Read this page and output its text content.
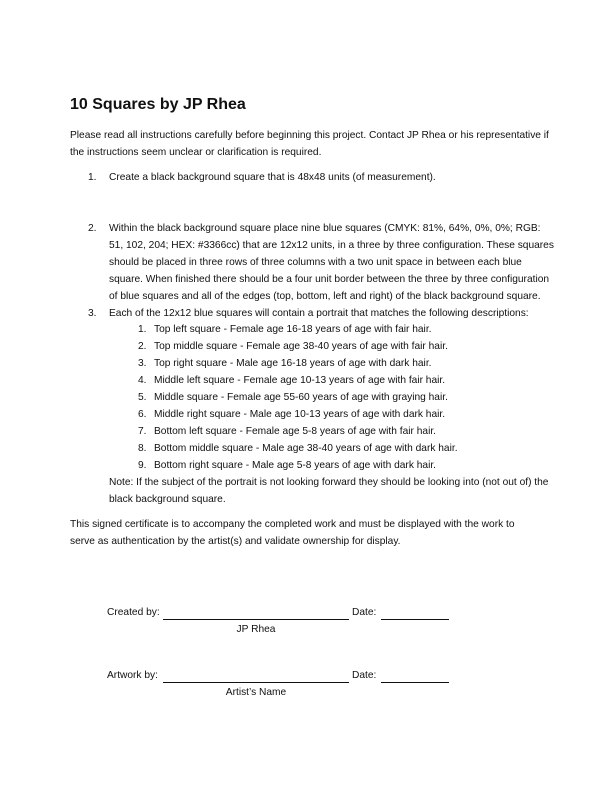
10 Squares by JP Rhea

Please read all instructions carefully before beginning this project. Contact JP Rhea or his representative if the instructions seem unclear or clarification is required.

1. Create a black background square that is 48x48 units (of measurement).
2. Within the black background square place nine blue squares (CMYK: 81%, 64%, 0%, 0%; RGB: 51, 102, 204; HEX: #3366cc) that are 12x12 units, in a three by three configuration. These squares should be placed in three rows of three columns with a two unit space in between each blue square. When finished there should be a four unit border between the three by three configuration of blue squares and all of the edges (top, bottom, left and right) of the black background square.
3. Each of the 12x12 blue squares will contain a portrait that matches the following descriptions:
1. Top left square - Female age 16-18 years of age with fair hair.
2. Top middle square - Female age 38-40 years of age with fair hair.
3. Top right square - Male age 16-18 years of age with dark hair.
4. Middle left square - Female age 10-13 years of age with fair hair.
5. Middle square - Female age 55-60 years of age with graying hair.
6. Middle right square - Male age 10-13 years of age with dark hair.
7. Bottom left square - Female age 5-8 years of age with fair hair.
8. Bottom middle square - Male age 38-40 years of age with dark hair.
9. Bottom right square - Male age 5-8 years of age with dark hair.

Note: If the subject of the portrait is not looking forward they should be looking into (not out of) the black background square.

This signed certificate is to accompany the completed work and must be displayed with the work to serve as authentication by the artist(s) and validate ownership for display.

Created by:	Date:
JP Rhea
Artwork by:	Date:
Artist’s Name
